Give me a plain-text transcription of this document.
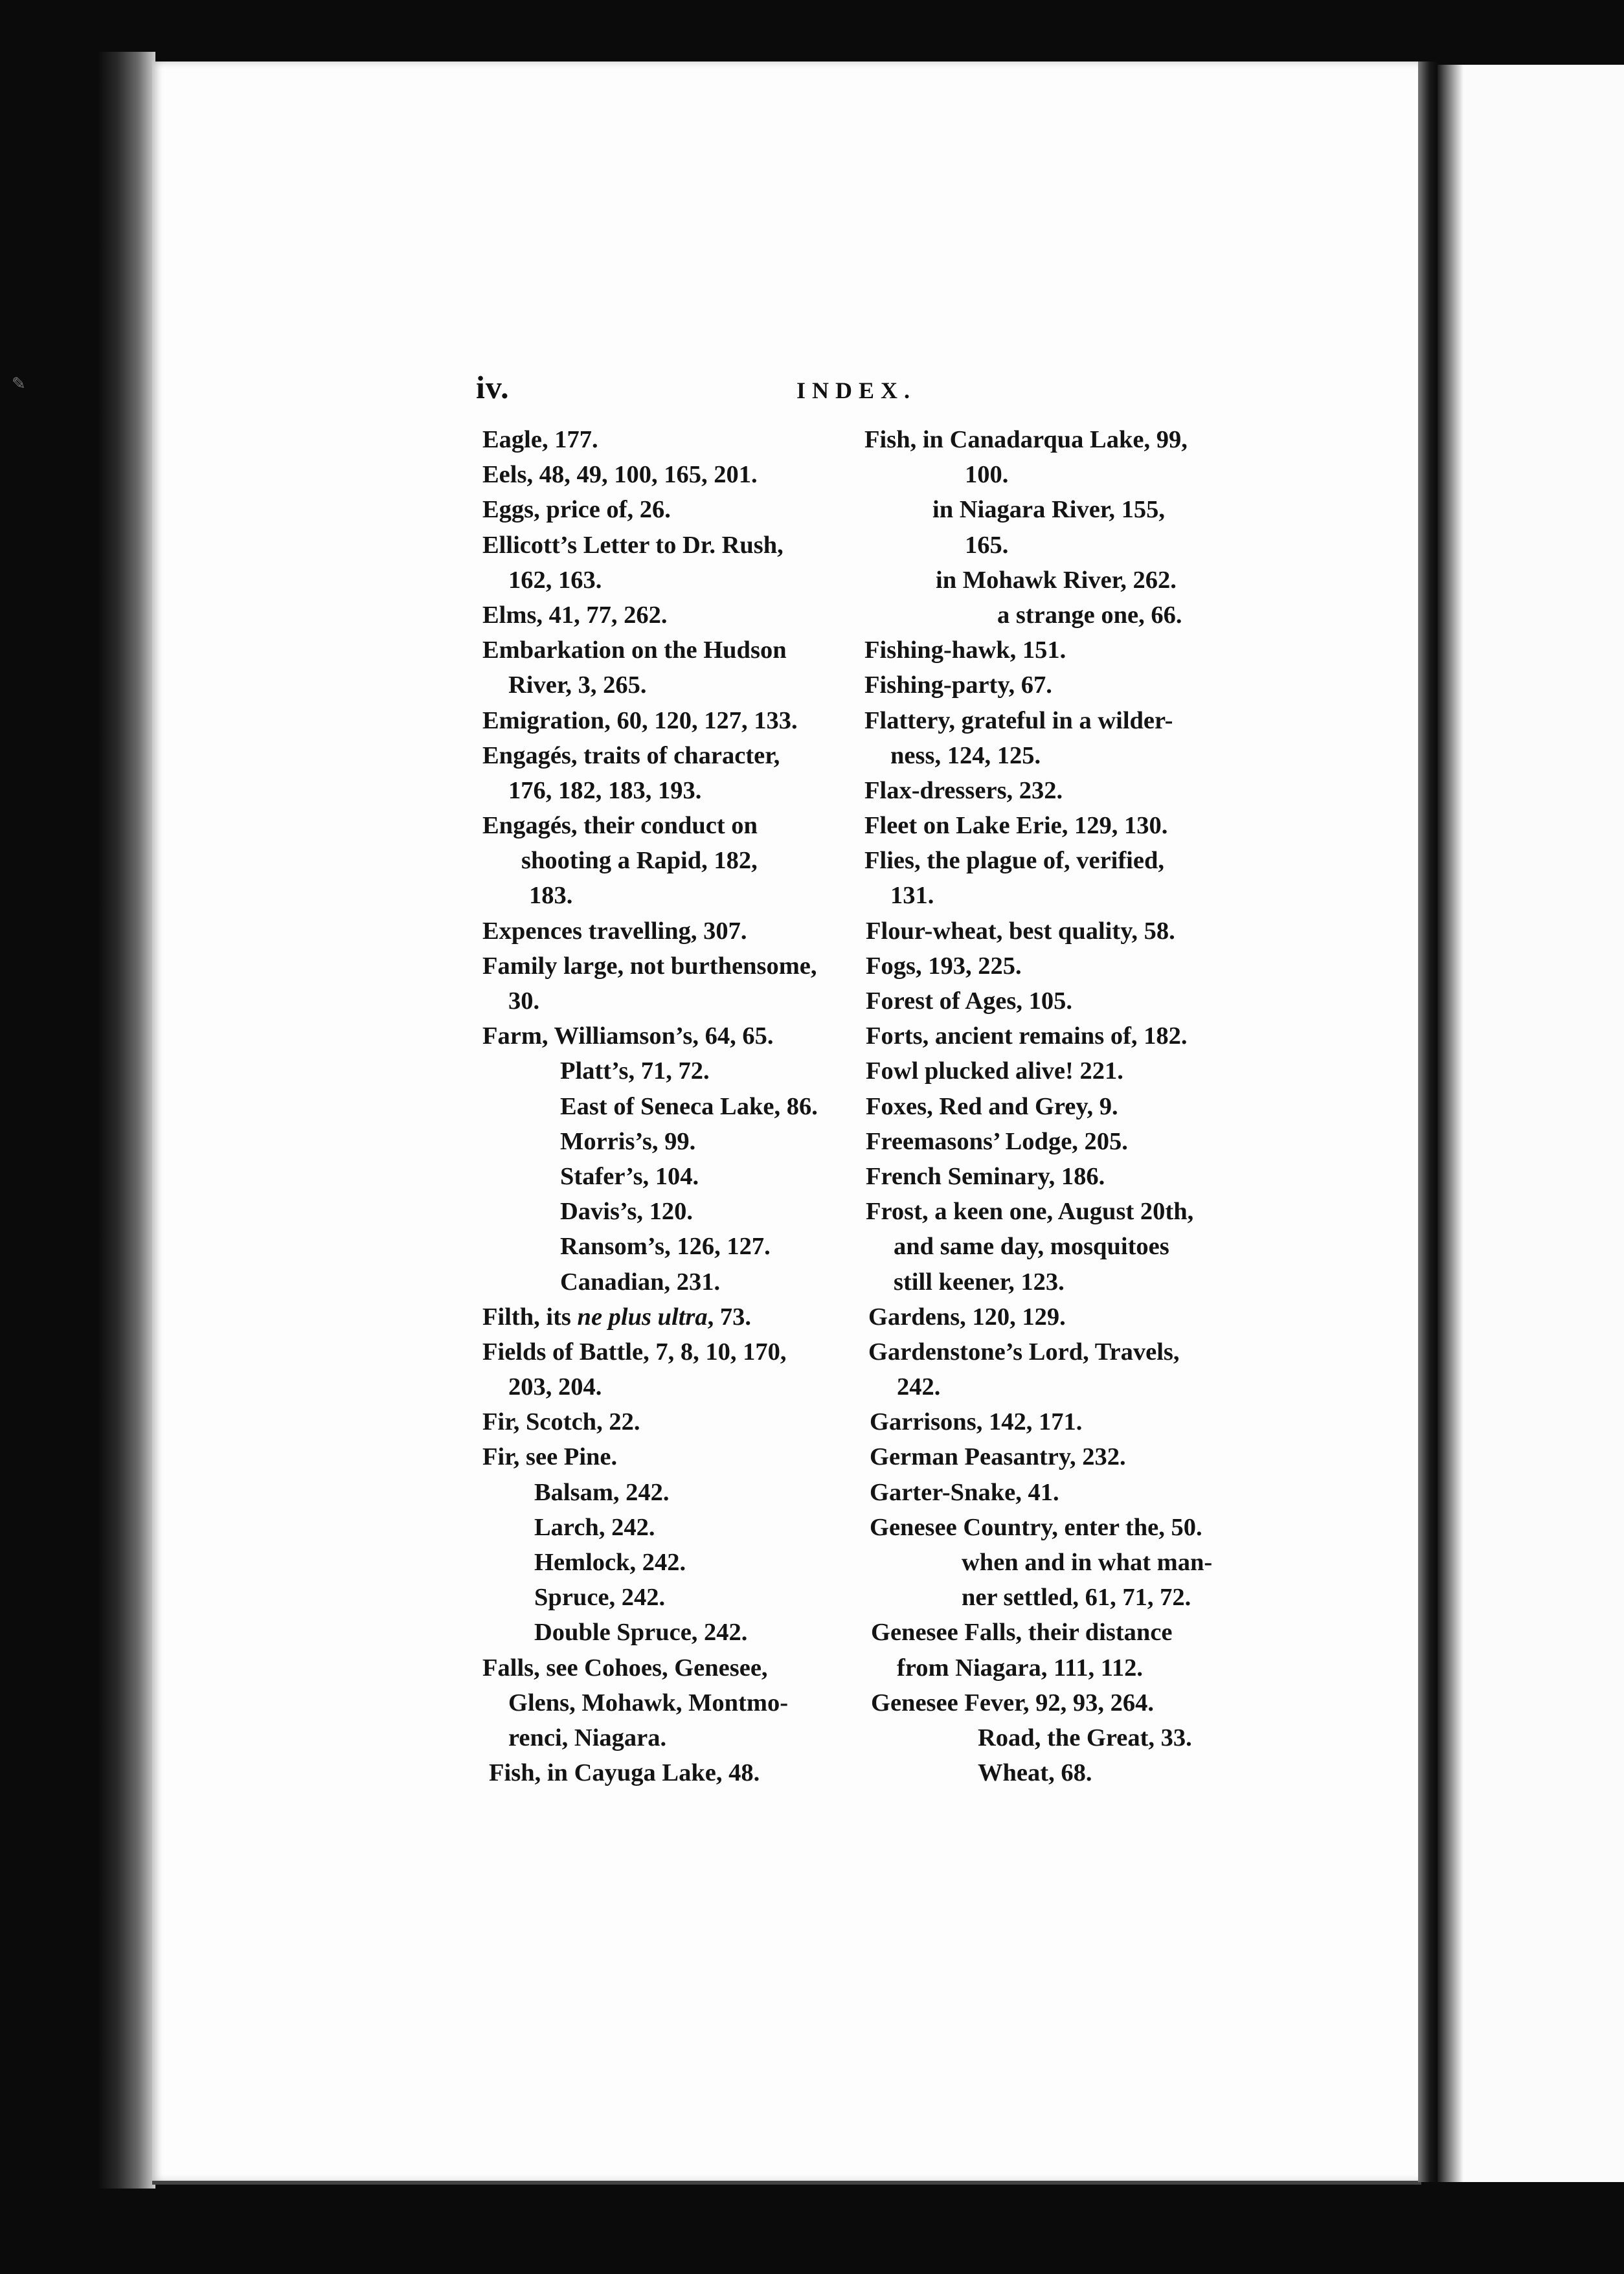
✎	iv.	INDEX.
Eagle, 177.
Eels, 48, 49, 100, 165, 201.
Eggs, price of, 26.
Ellicott’s Letter to Dr. Rush,
162, 163.
Elms, 41, 77, 262.
Embarkation on the Hudson
River, 3, 265.
Emigration, 60, 120, 127, 133.
Engagés, traits of character,
176, 182, 183, 193.
Engagés, their conduct on
shooting a Rapid, 182,
183.
Expences travelling, 307.
Family large, not burthensome,
30.
Farm, Williamson’s, 64, 65.
Platt’s, 71, 72.
East of Seneca Lake, 86.
Morris’s, 99.
Stafer’s, 104.
Davis’s, 120.
Ransom’s, 126, 127.
Canadian, 231.
Filth, its ne plus ultra, 73.
Fields of Battle, 7, 8, 10, 170,
203, 204.
Fir, Scotch, 22.
Fir, see Pine.
Balsam, 242.
Larch, 242.
Hemlock, 242.
Spruce, 242.
Double Spruce, 242.
Falls, see Cohoes, Genesee,
Glens, Mohawk, Montmo-
renci, Niagara.
Fish, in Cayuga Lake, 48.
Fish, in Canadarqua Lake, 99,
100.
in Niagara River, 155,
165.
in Mohawk River, 262.
a strange one, 66.
Fishing-hawk, 151.
Fishing-party, 67.
Flattery, grateful in a wilder-
ness, 124, 125.
Flax-dressers, 232.
Fleet on Lake Erie, 129, 130.
Flies, the plague of, verified,
131.
Flour-wheat, best quality, 58.
Fogs, 193, 225.
Forest of Ages, 105.
Forts, ancient remains of, 182.
Fowl plucked alive! 221.
Foxes, Red and Grey, 9.
Freemasons’ Lodge, 205.
French Seminary, 186.
Frost, a keen one, August 20th,
and same day, mosquitoes
still keener, 123.
Gardens, 120, 129.
Gardenstone’s Lord, Travels,
242.
Garrisons, 142, 171.
German Peasantry, 232.
Garter-Snake, 41.
Genesee Country, enter the, 50.
when and in what man-
ner settled, 61, 71, 72.
Genesee Falls, their distance
from Niagara, 111, 112.
Genesee Fever, 92, 93, 264.
Road, the Great, 33.
Wheat, 68.
